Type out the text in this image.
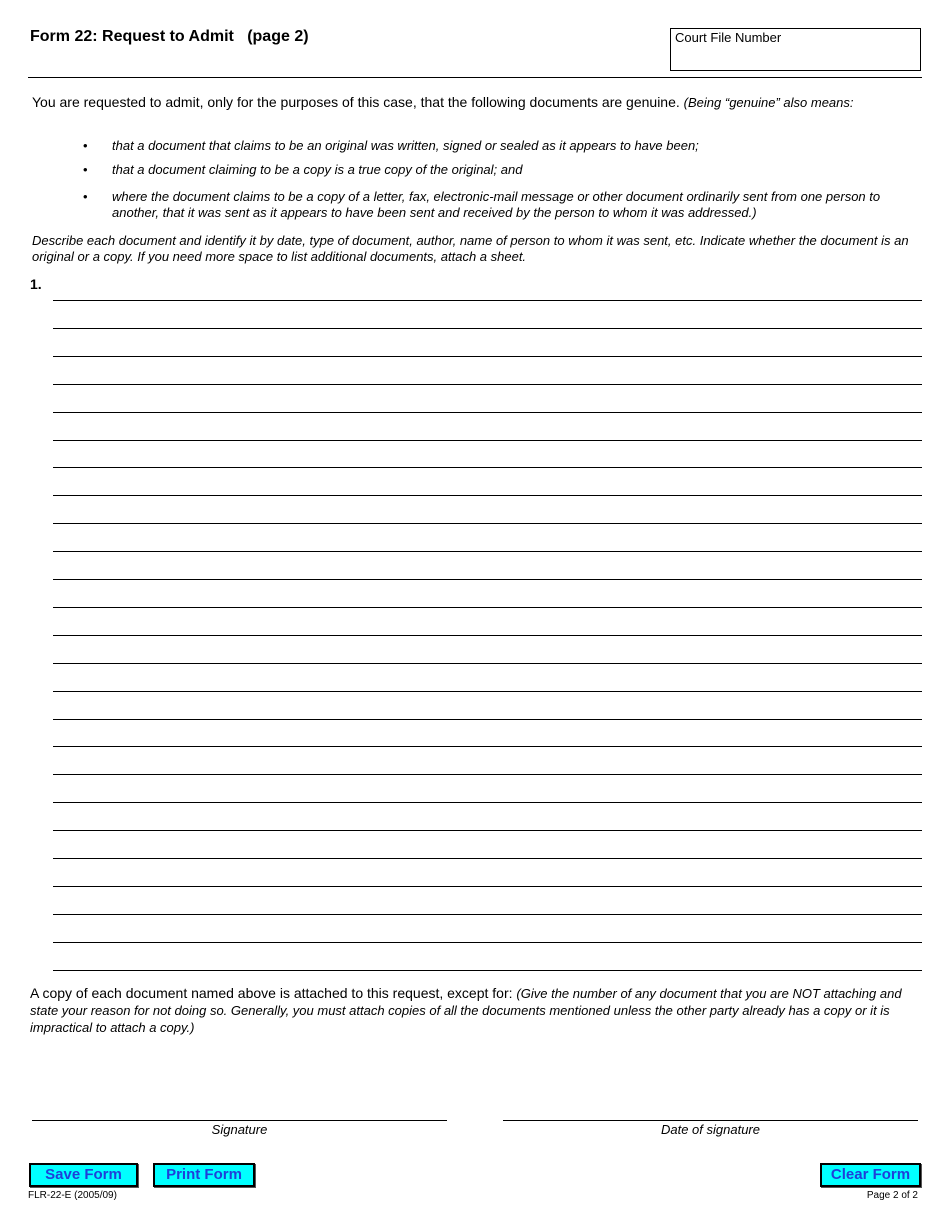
Form 22: Request to Admit   (page 2)	Court File Number
You are requested to admit, only for the purposes of this case, that the following documents are genuine. (Being “genuine” also means:
• that a document that claims to be an original was written, signed or sealed as it appears to have been;
• that a document claiming to be a copy is a true copy of the original; and
• where the document claims to be a copy of a letter, fax, electronic-mail message or other document ordinarily sent from one person to another, that it was sent as it appears to have been sent and received by the person to whom it was addressed.)
Describe each document and identify it by date, type of document, author, name of person to whom it was sent, etc. Indicate whether the document is an original or a copy. If you need more space to list additional documents, attach a sheet.
1.
A copy of each document named above is attached to this request, except for: (Give the number of any document that you are NOT attaching and state your reason for not doing so. Generally, you must attach copies of all the documents mentioned unless the other party already has a copy or it is impractical to attach a copy.)
Signature	Date of signature
Save Form	Print Form	Clear Form
FLR-22-E (2005/09)	Page 2 of 2
